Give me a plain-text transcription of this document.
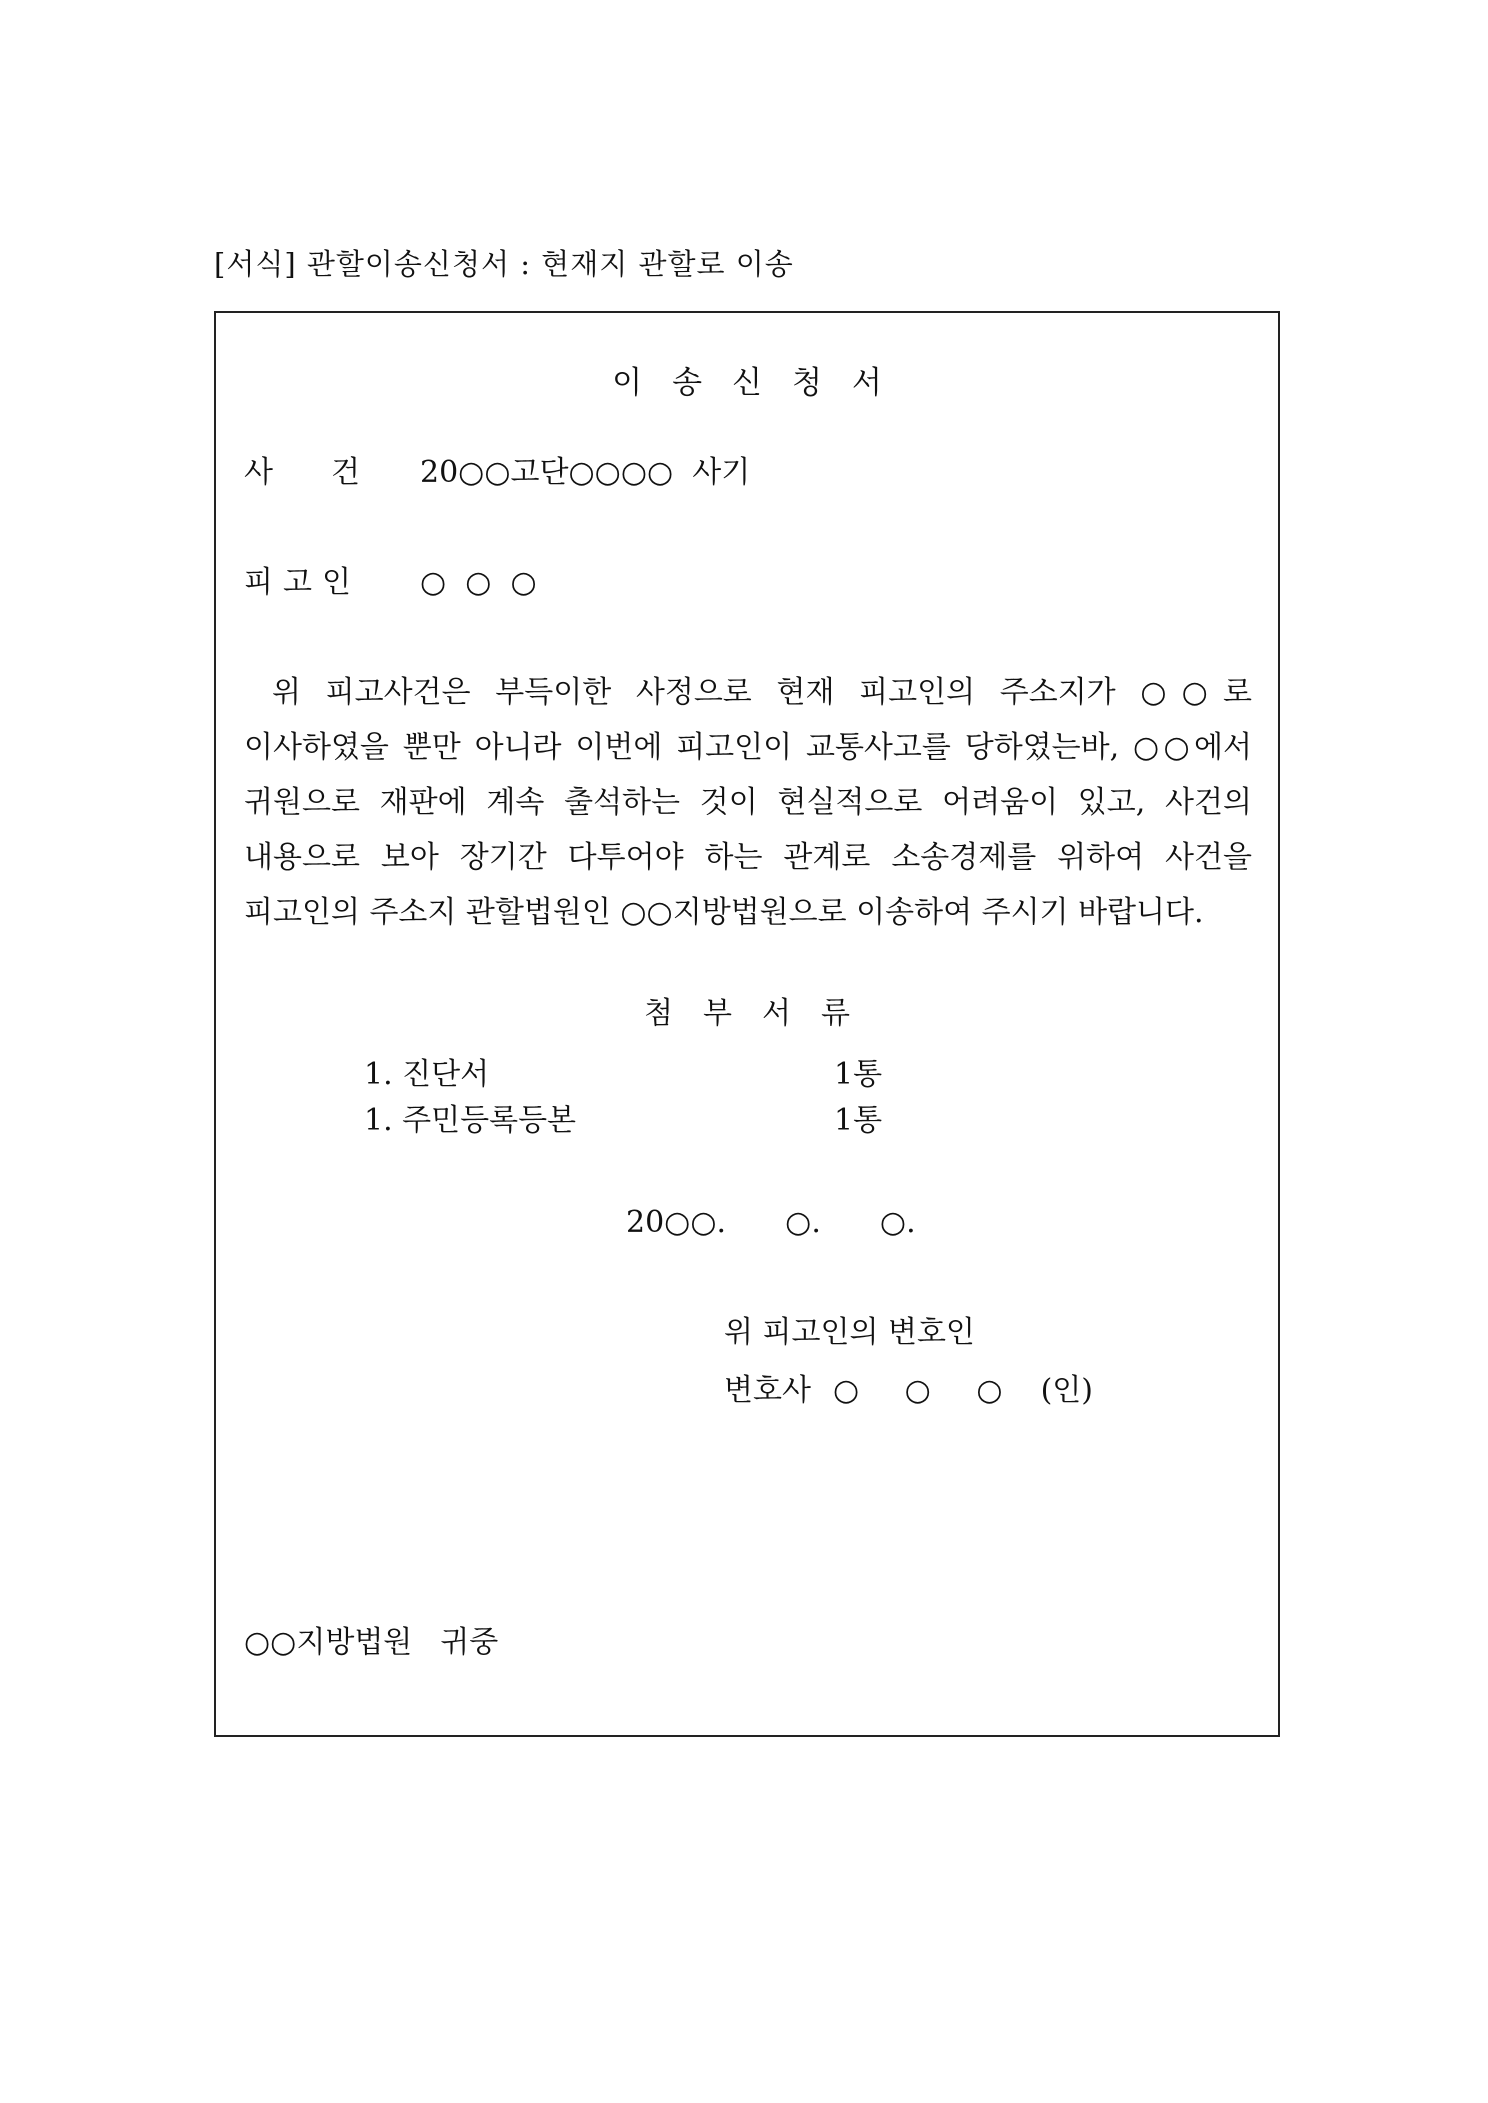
[서식] 관할이송신청서 : 현재지 관할로 이송
이송신청서
사건20○○고단○○○○  사기
피고인 ○  ○  ○
위 피고사건은 부득이한 사정으로 현재 피고인의 주소지가 ○○로 이사하였을 뿐만 아니라 이번에 피고인이 교통사고를 당하였는바, ○○에서 귀원으로 재판에 계속 출석하는 것이 현실적으로 어려움이 있고, 사건의 내용으로 보아 장기간 다투어야 하는 관계로 소송경제를 위하여 사건을 피고인의 주소지 관할법원인 ○○지방법원으로 이송하여 주시기 바랍니다.
첨부서류
1. 진단서	1통
1. 주민등록등본	1통
20○○.  ○.  ○.
위 피고인의 변호인
변호사 ○ ○ ○ (인)
○○지방법원 귀중
